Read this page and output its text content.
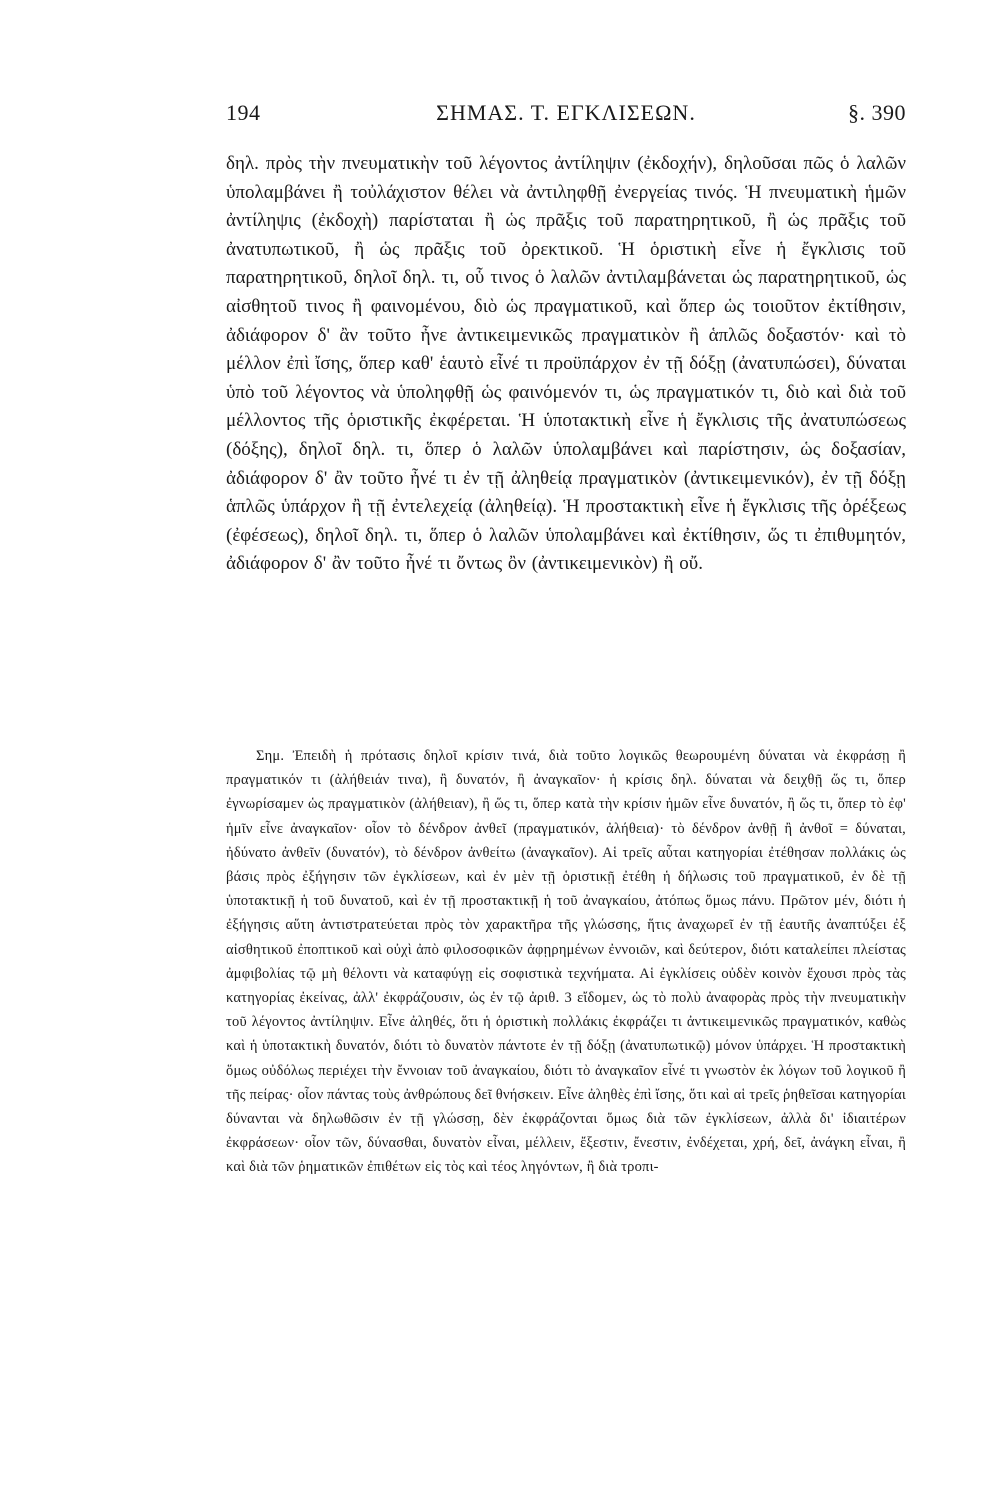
194	ΣΗΜΑΣ. Τ. ΕΓΚΛΙΣΕΩΝ.	§. 390

δηλ. πρὸς τὴν πνευματικὴν τοῦ λέγοντος ἀντίληψιν (ἐκδοχήν), δηλοῦσαι πῶς ὁ λαλῶν ὑπολαμβάνει ἢ τοὐλάχιστον θέλει νὰ ἀντιληφθῇ ἐνεργείας τινός. Ἡ πνευματικὴ ἡμῶν ἀντίληψις (ἐκδοχὴ) παρίσταται ἢ ὡς πρᾶξις τοῦ παρατηρητικοῦ, ἢ ὡς πρᾶξις τοῦ ἀνατυπωτικοῦ, ἢ ὡς πρᾶξις τοῦ ὀρεκτικοῦ. Ἡ ὁριστικὴ εἶνε ἡ ἔγκλισις τοῦ παρατηρητικοῦ, δηλοῖ δηλ. τι, οὗ τινος ὁ λαλῶν ἀντιλαμβάνεται ὡς παρατηρητικοῦ, ὡς αἰσθητοῦ τινος ἢ φαινομένου, διὸ ὡς πραγματικοῦ, καὶ ὅπερ ὡς τοιοῦτον ἐκτίθησιν, ἀδιάφορον δ' ἂν τοῦτο ἦνε ἀντικειμενικῶς πραγματικὸν ἢ ἁπλῶς δοξαστόν· καὶ τὸ μέλλον ἐπὶ ἴσης, ὅπερ καθ' ἑαυτὸ εἶνέ τι προϋπάρχον ἐν τῇ δόξῃ (ἀνατυπώσει), δύναται ὑπὸ τοῦ λέγοντος νὰ ὑποληφθῇ ὡς φαινόμενόν τι, ὡς πραγματικόν τι, διὸ καὶ διὰ τοῦ μέλλοντος τῆς ὁριστικῆς ἐκφέρεται. Ἡ ὑποτακτικὴ εἶνε ἡ ἔγκλισις τῆς ἀνατυπώσεως (δόξης), δηλοῖ δηλ. τι, ὅπερ ὁ λαλῶν ὑπολαμβάνει καὶ παρίστησιν, ὡς δοξασίαν, ἀδιάφορον δ' ἂν τοῦτο ἦνέ τι ἐν τῇ ἀληθείᾳ πραγματικὸν (ἀντικειμενικόν), ἐν τῇ δόξῃ ἁπλῶς ὑπάρχον ἢ τῇ ἐντελεχείᾳ (ἀληθείᾳ). Ἡ προστακτικὴ εἶνε ἡ ἔγκλισις τῆς ὀρέξεως (ἐφέσεως), δηλοῖ δηλ. τι, ὅπερ ὁ λαλῶν ὑπολαμβάνει καὶ ἐκτίθησιν, ὥς τι ἐπιθυμητόν, ἀδιάφορον δ' ἂν τοῦτο ἦνέ τι ὄντως ὂν (ἀντικειμενικὸν) ἢ οὔ.

Σημ. Ἐπειδὴ ἡ πρότασις δηλοῖ κρίσιν τινά, διὰ τοῦτο λογικῶς θεωρουμένη δύναται νὰ ἐκφράσῃ ἢ πραγματικόν τι (ἀλήθειάν τινα), ἢ δυνατόν, ἢ ἀναγκαῖον· ἡ κρίσις δηλ. δύναται νὰ δειχθῇ ὥς τι, ὅπερ ἐγνωρίσαμεν ὡς πραγματικὸν (ἀλήθειαν), ἢ ὥς τι, ὅπερ κατὰ τὴν κρίσιν ἡμῶν εἶνε δυνατόν, ἢ ὥς τι, ὅπερ τὸ ἐφ' ἡμῖν εἶνε ἀναγκαῖον· οἷον τὸ δένδρον ἀνθεῖ (πραγματικόν, ἀλήθεια)· τὸ δένδρον ἀνθῇ ἢ ἀνθοῖ = δύναται, ἠδύνατο ἀνθεῖν (δυνατόν), τὸ δένδρον ἀνθείτω (ἀναγκαῖον). Αἱ τρεῖς αὗται κατηγορίαι ἐτέθησαν πολλάκις ὡς βάσις πρὸς ἐξήγησιν τῶν ἐγκλίσεων, καὶ ἐν μὲν τῇ ὁριστικῇ ἐτέθη ἡ δήλωσις τοῦ πραγματικοῦ, ἐν δὲ τῇ ὑποτακτικῇ ἡ τοῦ δυνατοῦ, καὶ ἐν τῇ προστακτικῇ ἡ τοῦ ἀναγκαίου, ἀτόπως ὅμως πάνυ. Πρῶτον μέν, διότι ἡ ἐξήγησις αὕτη ἀντιστρατεύεται πρὸς τὸν χαρακτῆρα τῆς γλώσσης, ἥτις ἀναχωρεῖ ἐν τῇ ἑαυτῆς ἀναπτύξει ἐξ αἰσθητικοῦ ἐποπτικοῦ καὶ οὐχὶ ἀπὸ φιλοσοφικῶν ἀφῃρημένων ἐννοιῶν, καὶ δεύτερον, διότι καταλείπει πλείστας ἀμφιβολίας τῷ μὴ θέλοντι νὰ καταφύγῃ εἰς σοφιστικὰ τεχνήματα. Αἱ ἐγκλίσεις οὐδὲν κοινὸν ἔχουσι πρὸς τὰς κατηγορίας ἐκείνας, ἀλλ' ἐκφράζουσιν, ὡς ἐν τῷ ἀριθ. 3 εἴδομεν, ὡς τὸ πολὺ ἀναφορὰς πρὸς τὴν πνευματικὴν τοῦ λέγοντος ἀντίληψιν. Εἶνε ἀληθές, ὅτι ἡ ὁριστικὴ πολλάκις ἐκφράζει τι ἀντικειμενικῶς πραγματικόν, καθὼς καὶ ἡ ὑποτακτικὴ δυνατόν, διότι τὸ δυνατὸν πάντοτε ἐν τῇ δόξῃ (ἀνατυπωτικῷ) μόνον ὑπάρχει. Ἡ προστακτικὴ ὅμως οὐδόλως περιέχει τὴν ἔννοιαν τοῦ ἀναγκαίου, διότι τὸ ἀναγκαῖον εἶνέ τι γνωστὸν ἐκ λόγων τοῦ λογικοῦ ἢ τῆς πείρας· οἷον πάντας τοὺς ἀνθρώπους δεῖ θνήσκειν. Εἶνε ἀληθὲς ἐπὶ ἴσης, ὅτι καὶ αἱ τρεῖς ῥηθεῖσαι κατηγορίαι δύνανται νὰ δηλωθῶσιν ἐν τῇ γλώσσῃ, δὲν ἐκφράζονται ὅμως διὰ τῶν ἐγκλίσεων, ἀλλὰ δι' ἰδιαιτέρων ἐκφράσεων· οἷον τῶν, δύνασθαι, δυνατὸν εἶναι, μέλλειν, ἔξεστιν, ἔνεστιν, ἐνδέχεται, χρή, δεῖ, ἀνάγκη εἶναι, ἢ καὶ διὰ τῶν ῥηματικῶν ἐπιθέτων εἰς τὸς καὶ τέος ληγόντων, ἢ διὰ τροπι-
